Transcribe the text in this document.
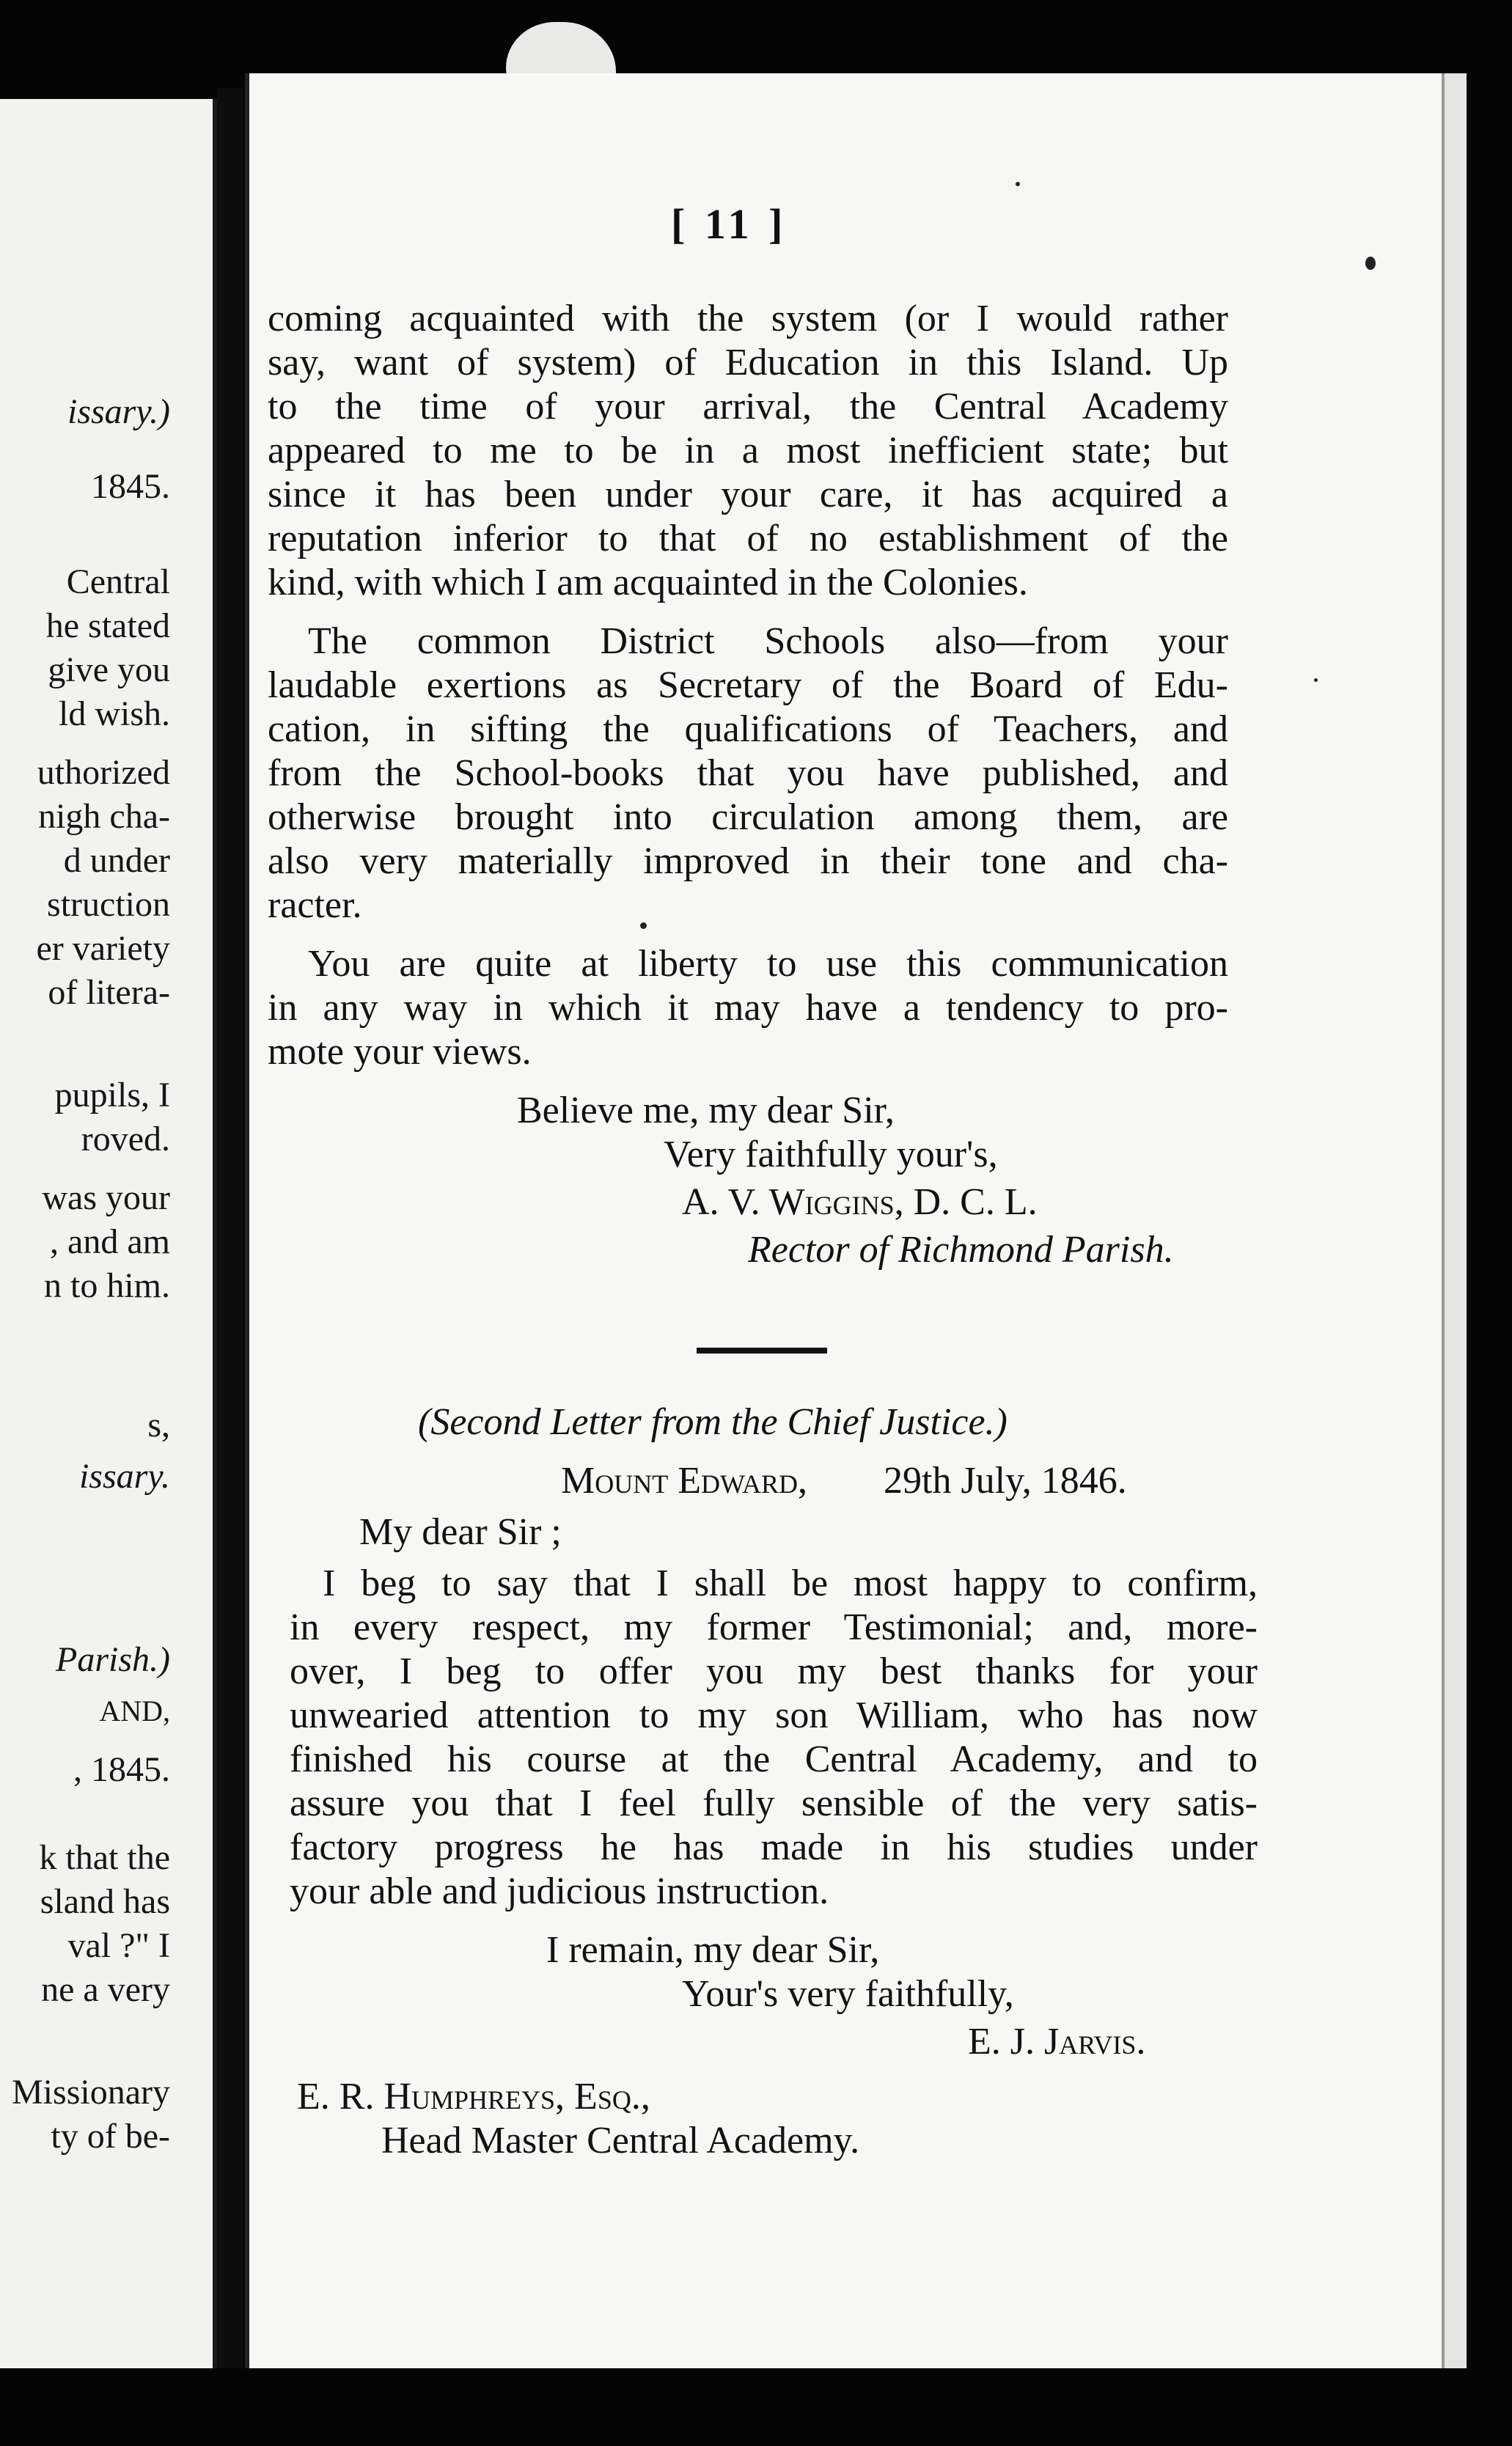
issary.)
1845.
Central
he stated
give you
ld wish.
uthorized
nigh cha-
d under
struction
er variety
of litera-
pupils, I
roved.
was your
, and am
n to him.
s,
issary.
Parish.)
AND,
, 1845.
k that the
sland has
val ?" I
ne a very
Missionary
ty of be-
[ 11 ]
coming acquainted with the system (or I would rather
say, want of system) of Education in this Island. Up
to the time of your arrival, the Central Academy
appeared to me to be in a most inefficient state; but
since it has been under your care, it has acquired a
reputation inferior to that of no establishment of the
kind, with which I am acquainted in the Colonies.
The common District Schools also—from your
laudable exertions as Secretary of the Board of Edu-
cation, in sifting the qualifications of Teachers, and
from the School-books that you have published, and
otherwise brought into circulation among them, are
also very materially improved in their tone and cha-
racter.
You are quite at liberty to use this communication
in any way in which it may have a tendency to pro-
mote your views.
Believe me, my dear Sir,
Very faithfully your's,
A. V. Wiggins, D. C. L.
Rector of Richmond Parish.
(Second Letter from the Chief Justice.)
Mount Edward, 29th July, 1846.
My dear Sir ;
I beg to say that I shall be most happy to confirm,
in every respect, my former Testimonial; and, more-
over, I beg to offer you my best thanks for your
unwearied attention to my son William, who has now
finished his course at the Central Academy, and to
assure you that I feel fully sensible of the very satis-
factory progress he has made in his studies under
your able and judicious instruction.
I remain, my dear Sir,
Your's very faithfully,
E. J. Jarvis.
E. R. Humphreys, Esq.,
Head Master Central Academy.
